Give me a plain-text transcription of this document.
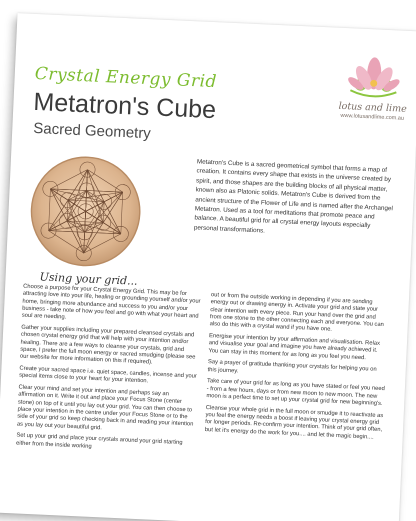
Crystal Energy Grid
Metatron's Cube
Sacred Geometry
lotus and lime
www.lotusandlime.com.au

Metatron's Cube is a sacred geometrical symbol that forms a map of creation. It contains every shape that exists in the universe created by spirit, and those shapes are the building blocks of all physical matter, known also as Platonic solids. Metatron's Cube is derived from the ancient structure of the Flower of Life and is named after the Archangel Metatron. Used as a tool for meditations that promote peace and balance. A beautiful grid for all crystal energy layouts especially personal transformations.

Using your grid...

Choose a purpose for your Crystal Energy Grid. This may be for attracting love into your life, healing or grounding yourself and/or your home, bringing more abundance and success to you and/or your business - take note of how you feel and go with what your heart and soul are needing.

Gather your supplies including your prepared cleansed crystals and chosen crystal energy grid that will help with your intention and/or healing. There are a few ways to cleanse your crystals, grid and space, I prefer the full moon energy or sacred smudging (please see our website for more information on this if required).

Create your sacred space i.e. quiet space, candles, incense and your special items close to your heart for your intention.

Clear your mind and set your intention and perhaps say an affirmation on it. Write it out and place your Focus Stone (center stone) on top of it until you lay out your grid. You can then choose to place your intention in the centre under your Focus Stone or to the side of your grid so keep checking back in and reading your intention as you lay out your beautiful grid.

Set up your grid and place your crystals around your grid starting either from the inside working

out or from the outside working in depending if you are sending energy out or drawing energy in. Activate your grid and state your clear intention with every piece. Run your hand over the grid and from one stone to the other connecting each and everyone. You can also do this with a crystal wand if you have one.

Energise your intention by your affirmation and visualisation. Relax and visualise your goal and imagine you have already achieved it. You can stay in this moment for as long as you feel you need.

Say a prayer of gratitude thanking your crystals for helping you on this journey.

Take care of your grid for as long as you have stated or feel you need - from a few hours, days or from new moon to new moon. The new moon is a perfect time to set up your crystal grid for new beginning's.

Cleanse your whole grid in the full moon or smudge it to reactivate as you feel the energy needs a boost if leaving your crystal energy grid for longer periods. Re-confirm your intention. Think of your grid often, but let it's energy do the work for you.... and let the magic begin....
